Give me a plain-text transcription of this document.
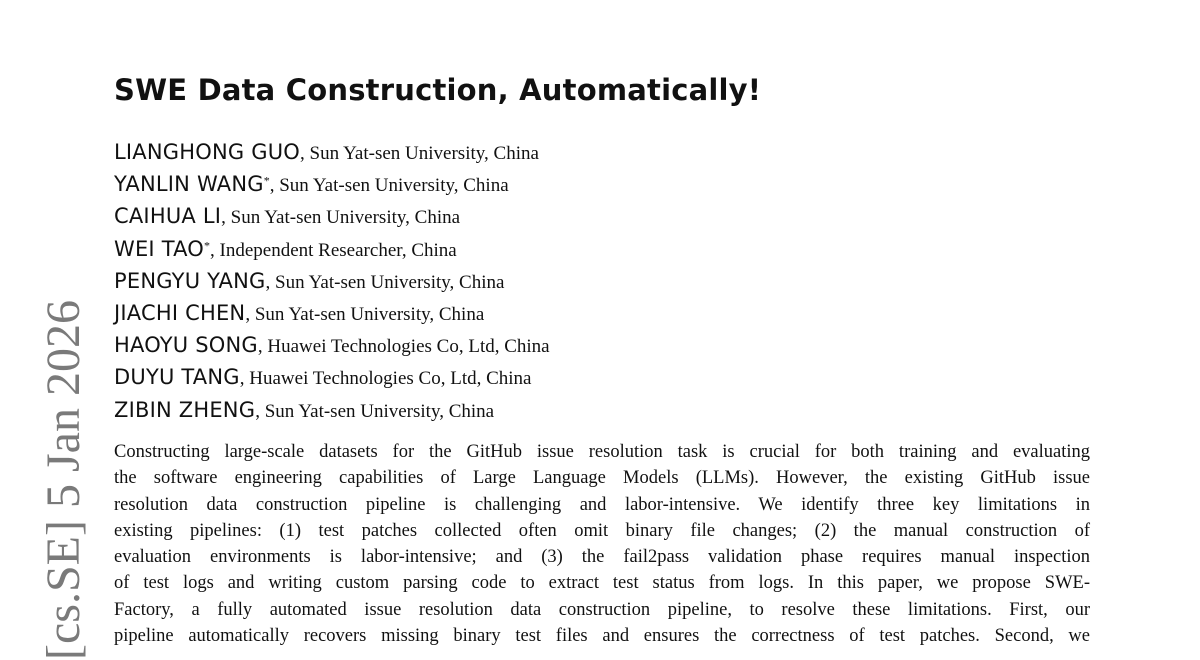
[cs.SE] 5 Jan 2026
SWE Data Construction, Automatically!
LIANGHONG GUO, Sun Yat-sen University, China
YANLIN WANG*, Sun Yat-sen University, China
CAIHUA LI, Sun Yat-sen University, China
WEI TAO*, Independent Researcher, China
PENGYU YANG, Sun Yat-sen University, China
JIACHI CHEN, Sun Yat-sen University, China
HAOYU SONG, Huawei Technologies Co, Ltd, China
DUYU TANG, Huawei Technologies Co, Ltd, China
ZIBIN ZHENG, Sun Yat-sen University, China
Constructing large-scale datasets for the GitHub issue resolution task is crucial for both training and evaluating
the software engineering capabilities of Large Language Models (LLMs). However, the existing GitHub issue
resolution data construction pipeline is challenging and labor-intensive. We identify three key limitations in
existing pipelines: (1) test patches collected often omit binary file changes; (2) the manual construction of
evaluation environments is labor-intensive; and (3) the fail2pass validation phase requires manual inspection
of test logs and writing custom parsing code to extract test status from logs. In this paper, we propose SWE-
Factory, a fully automated issue resolution data construction pipeline, to resolve these limitations. First, our
pipeline automatically recovers missing binary test files and ensures the correctness of test patches. Second, we
